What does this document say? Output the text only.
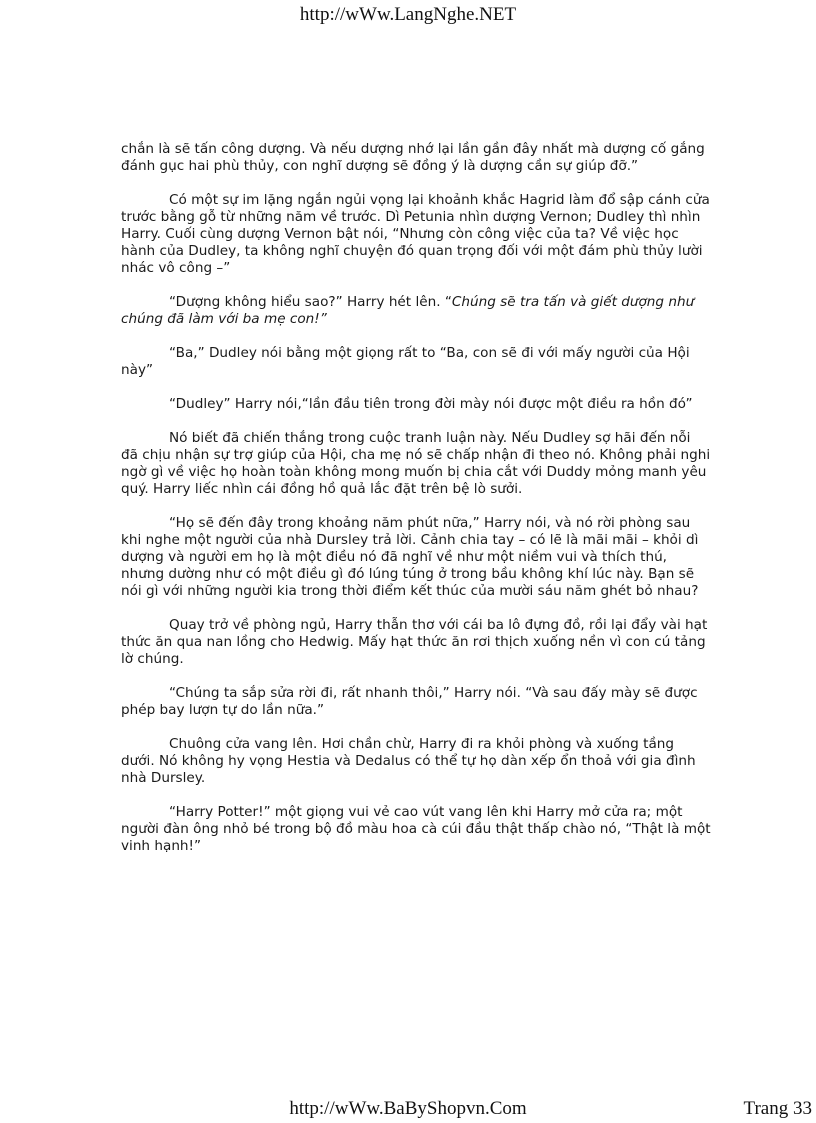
http://wWw.LangNghe.NET

chắn là sẽ tấn công dượng. Và nếu dượng nhớ lại lần gần đây nhất mà dượng cố gắng đánh gục hai phù thủy, con nghĩ dượng sẽ đồng ý là dượng cần sự giúp đỡ.”

Có một sự im lặng ngắn ngủi vọng lại khoảnh khắc Hagrid làm đổ sập cánh cửa trước bằng gỗ từ những năm về trước. Dì Petunia nhìn dượng Vernon; Dudley thì nhìn Harry. Cuối cùng dượng Vernon bật nói, “Nhưng còn công việc của ta? Về việc học hành của Dudley, ta không nghĩ chuyện đó quan trọng đối với một đám phù thủy lười nhác vô công –”

“Dượng không hiểu sao?” Harry hét lên. “Chúng sẽ tra tấn và giết dượng như chúng đã làm với ba mẹ con!”

“Ba,” Dudley nói bằng một giọng rất to “Ba, con sẽ đi với mấy người của Hội này”

“Dudley” Harry nói,“lần đầu tiên trong đời mày nói được một điều ra hồn đó”

Nó biết đã chiến thắng trong cuộc tranh luận này. Nếu Dudley sợ hãi đến nỗi đã chịu nhận sự trợ giúp của Hội, cha mẹ nó sẽ chấp nhận đi theo nó. Không phải nghi ngờ gì về việc họ hoàn toàn không mong muốn bị chia cắt với Duddy mỏng manh yêu quý. Harry liếc nhìn cái đồng hồ quả lắc đặt trên bệ lò sưởi.

“Họ sẽ đến đây trong khoảng năm phút nữa,” Harry nói, và nó rời phòng sau khi nghe một người của nhà Dursley trả lời. Cảnh chia tay – có lẽ là mãi mãi – khỏi dì dượng và người em họ là một điều nó đã nghĩ về như một niềm vui và thích thú, nhưng dường như có một điều gì đó lúng túng ở trong bầu không khí lúc này. Bạn sẽ nói gì với những người kia trong thời điểm kết thúc của mười sáu năm ghét bỏ nhau?

Quay trở về phòng ngủ, Harry thẫn thơ với cái ba lô đựng đồ, rồi lại đẩy vài hạt thức ăn qua nan lồng cho Hedwig. Mấy hạt thức ăn rơi thịch xuống nền vì con cú tảng lờ chúng.

“Chúng ta sắp sửa rời đi, rất nhanh thôi,” Harry nói. “Và sau đấy mày sẽ được phép bay lượn tự do lần nữa.”

Chuông cửa vang lên. Hơi chần chừ, Harry đi ra khỏi phòng và xuống tầng dưới. Nó không hy vọng Hestia và Dedalus có thể tự họ dàn xếp ổn thoả với gia đình nhà Dursley.

“Harry Potter!” một giọng vui vẻ cao vút vang lên khi Harry mở cửa ra; một người đàn ông nhỏ bé trong bộ đồ màu hoa cà cúi đầu thật thấp chào nó, “Thật là một vinh hạnh!”

http://wWw.BaByShopvn.Com	Trang 33
